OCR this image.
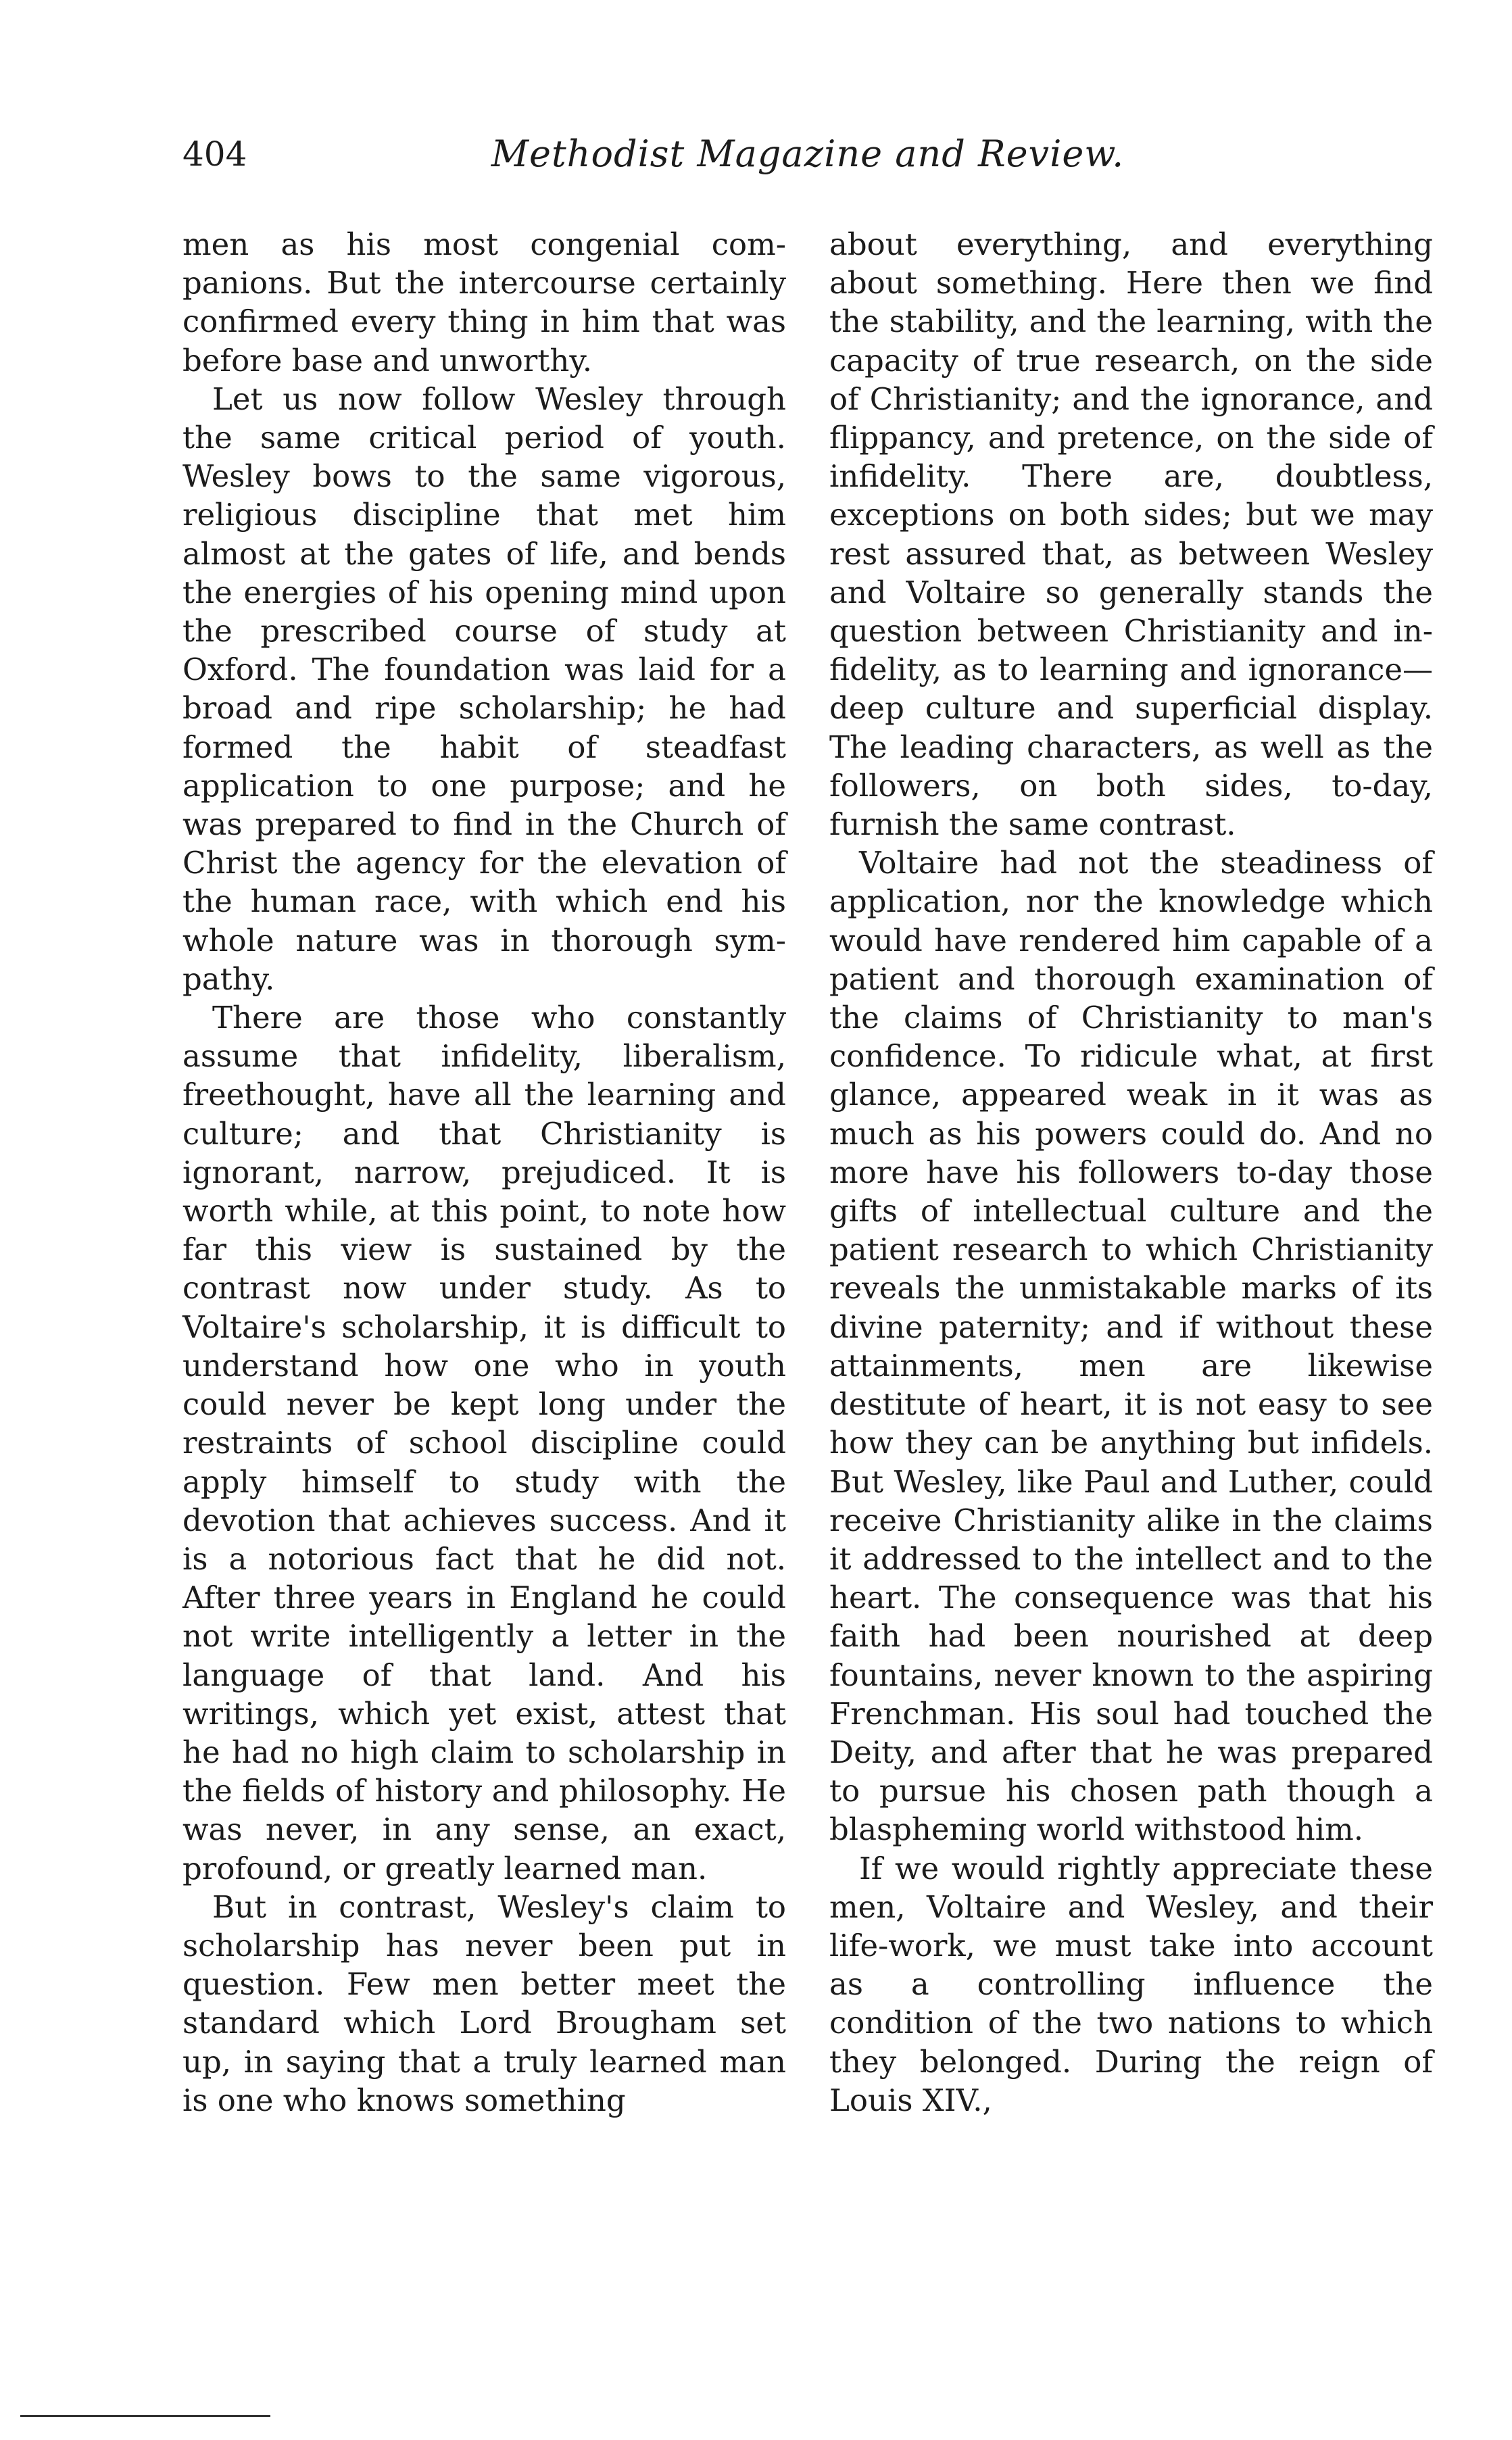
404	Methodist Magazine and Review.

men as his most congenial companions. But the intercourse certainly confirmed every thing in him that was before base and unworthy.

Let us now follow Wesley through the same critical period of youth. Wesley bows to the same vigorous, religious discipline that met him almost at the gates of life, and bends the energies of his opening mind upon the prescribed course of study at Oxford. The foundation was laid for a broad and ripe scholarship; he had formed the habit of steadfast application to one purpose; and he was prepared to find in the Church of Christ the agency for the elevation of the human race, with which end his whole nature was in thorough sympathy.

There are those who constantly assume that infidelity, liberalism, freethought, have all the learning and culture; and that Christianity is ignorant, narrow, prejudiced. It is worth while, at this point, to note how far this view is sustained by the contrast now under study. As to Voltaire's scholarship, it is difficult to understand how one who in youth could never be kept long under the restraints of school discipline could apply himself to study with the devotion that achieves success. And it is a notorious fact that he did not. After three years in England he could not write intelligently a letter in the language of that land. And his writings, which yet exist, attest that he had no high claim to scholarship in the fields of history and philosophy. He was never, in any sense, an exact, profound, or greatly learned man.

But in contrast, Wesley's claim to scholarship has never been put in question. Few men better meet the standard which Lord Brougham set up, in saying that a truly learned man is one who knows something

about everything, and everything about something. Here then we find the stability, and the learning, with the capacity of true research, on the side of Christianity; and the ignorance, and flippancy, and pretence, on the side of infidelity. There are, doubtless, exceptions on both sides; but we may rest assured that, as between Wesley and Voltaire so generally stands the question between Christianity and infidelity, as to learning and ignorance—deep culture and superficial display. The leading characters, as well as the followers, on both sides, to-day, furnish the same contrast.

Voltaire had not the steadiness of application, nor the knowledge which would have rendered him capable of a patient and thorough examination of the claims of Christianity to man's confidence. To ridicule what, at first glance, appeared weak in it was as much as his powers could do. And no more have his followers to-day those gifts of intellectual culture and the patient research to which Christianity reveals the unmistakable marks of its divine paternity; and if without these attainments, men are likewise destitute of heart, it is not easy to see how they can be anything but infidels. But Wesley, like Paul and Luther, could receive Christianity alike in the claims it addressed to the intellect and to the heart. The consequence was that his faith had been nourished at deep fountains, never known to the aspiring Frenchman. His soul had touched the Deity, and after that he was prepared to pursue his chosen path though a blaspheming world withstood him.

If we would rightly appreciate these men, Voltaire and Wesley, and their life-work, we must take into account as a controlling influence the condition of the two nations to which they belonged. During the reign of Louis XIV.,
